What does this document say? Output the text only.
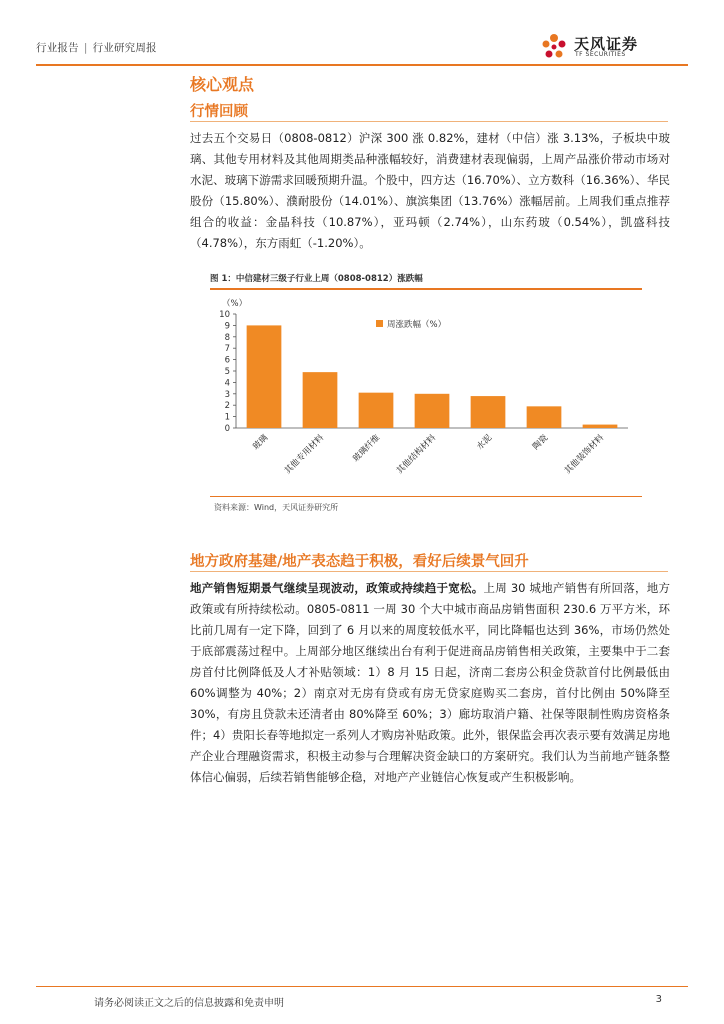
行业报告 | 行业研究周报	天风证券
TF SECURITIES
核心观点
行情回顾

过去五个交易日（0808-0812）沪深 300 涨 0.82%，建材（中信）涨 3.13%，子板块中玻璃、其他专用材料及其他周期类品种涨幅较好，消费建材表现偏弱，上周产品涨价带动市场对水泥、玻璃下游需求回暖预期升温。个股中，四方达（16.70%）、立方数科（16.36%）、华民股份（15.80%）、濮耐股份（14.01%）、旗滨集团（13.76%）涨幅居前。上周我们重点推荐组合的收益：金晶科技（10.87%），亚玛顿（2.74%），山东药玻（0.54%），凯盛科技（4.78%），东方雨虹（-1.20%）。

图 1：中信建材三级子行业上周（0808-0812）涨跌幅
（%）
0
1
2
3
4
5
6
7
8
9
10
玻璃 其他专用材料	玻璃纤维 其他结构材料	水泥	陶瓷 其他装饰材料
周涨跌幅（%）
资料来源：Wind，天风证券研究所
地方政府基建/地产表态趋于积极，看好后续景气回升

地产销售短期景气继续呈现波动，政策或持续趋于宽松。上周 30 城地产销售有所回落，地方政策或有所持续松动。0805-0811 一周 30 个大中城市商品房销售面积 230.6 万平方米，环比前几周有一定下降，回到了 6 月以来的周度较低水平，同比降幅也达到 36%，市场仍然处于底部震荡过程中。上周部分地区继续出台有利于促进商品房销售相关政策，主要集中于二套房首付比例降低及人才补贴领域：1）8 月 15 日起，济南二套房公积金贷款首付比例最低由 60%调整为 40%；2）南京对无房有贷或有房无贷家庭购买二套房，首付比例由 50%降至 30%，有房且贷款未还清者由 80%降至 60%；3）廊坊取消户籍、社保等限制性购房资格条件；4）贵阳长春等地拟定一系列人才购房补贴政策。此外，银保监会再次表示要有效满足房地产企业合理融资需求，积极主动参与合理解决资金缺口的方案研究。我们认为当前地产链条整体信心偏弱，后续若销售能够企稳，对地产产业链信心恢复或产生积极影响。

请务必阅读正文之后的信息披露和免责申明	3
